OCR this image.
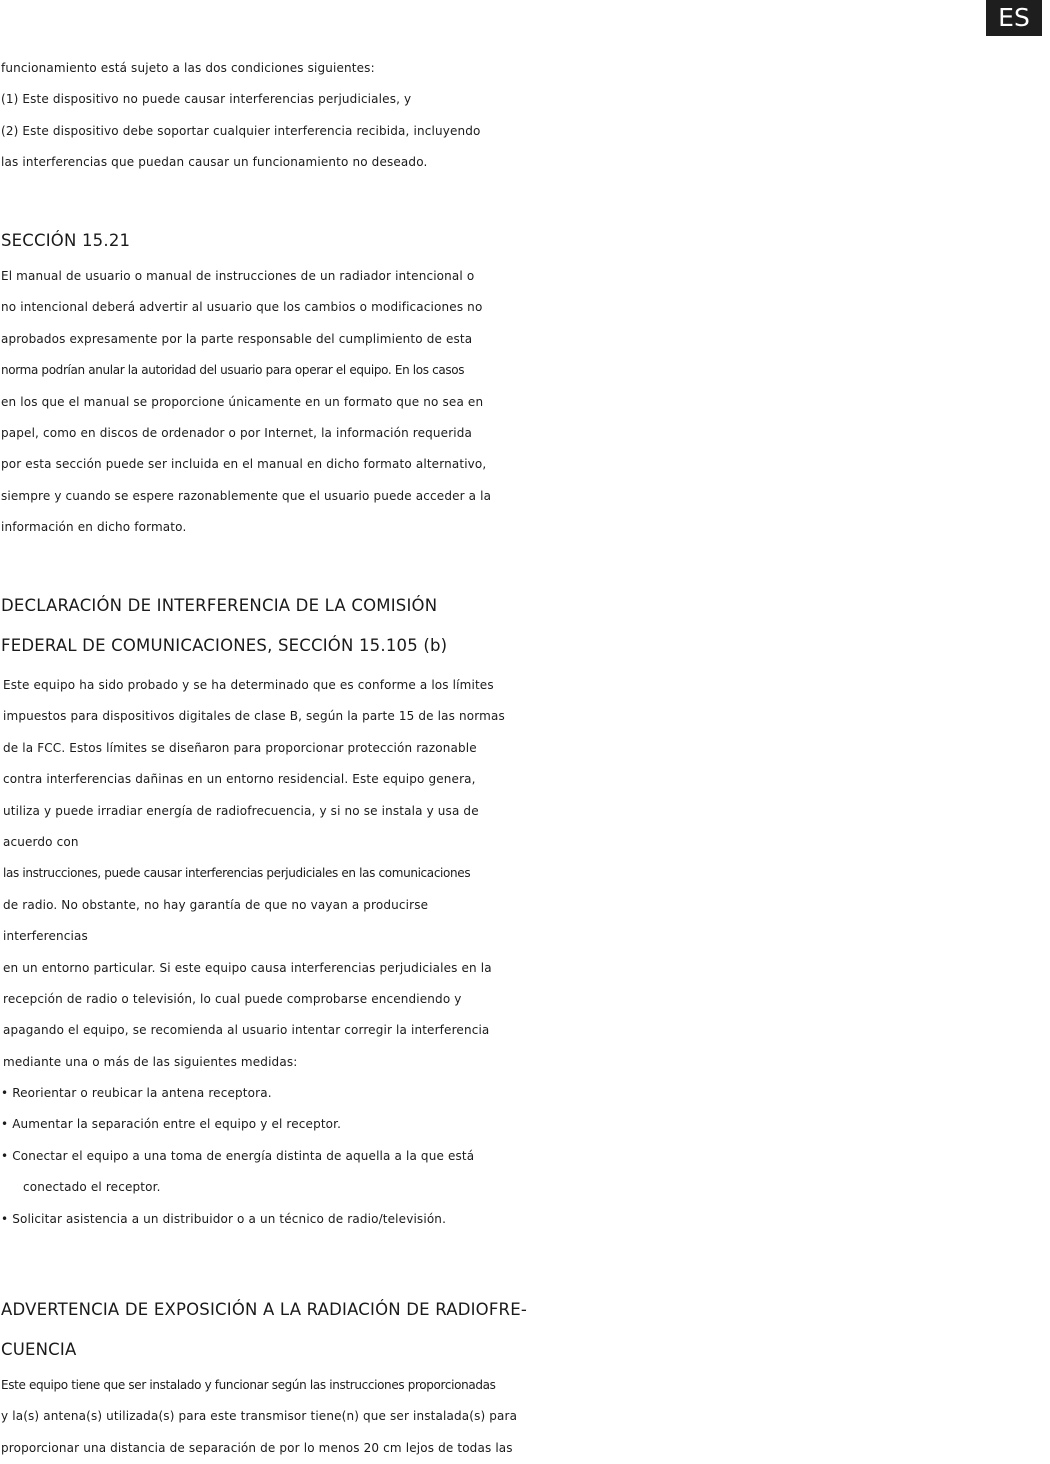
ES
funcionamiento está sujeto a las dos condiciones siguientes:
(1) Este dispositivo no puede causar interferencias perjudiciales, y
(2) Este dispositivo debe soportar cualquier interferencia recibida, incluyendo
las interferencias que puedan causar un funcionamiento no deseado.
SECCIÓN 15.21
El manual de usuario o manual de instrucciones de un radiador intencional o
no intencional deberá advertir al usuario que los cambios o modificaciones no
aprobados expresamente por la parte responsable del cumplimiento de esta
norma podrían anular la autoridad del usuario para operar el equipo. En los casos
en los que el manual se proporcione únicamente en un formato que no sea en
papel, como en discos de ordenador o por Internet, la información requerida
por esta sección puede ser incluida en el manual en dicho formato alternativo,
siempre y cuando se espere razonablemente que el usuario puede acceder a la
información en dicho formato.
DECLARACIÓN DE INTERFERENCIA DE LA COMISIÓN
FEDERAL DE COMUNICACIONES, SECCIÓN 15.105 (b)
Este equipo ha sido probado y se ha determinado que es conforme a los límites
impuestos para dispositivos digitales de clase B, según la parte 15 de las normas
de la FCC. Estos límites se diseñaron para proporcionar protección razonable
contra interferencias dañinas en un entorno residencial. Este equipo genera,
utiliza y puede irradiar energía de radiofrecuencia, y si no se instala y usa de
acuerdo con
las instrucciones, puede causar interferencias perjudiciales en las comunicaciones
de radio. No obstante, no hay garantía de que no vayan a producirse
interferencias
en un entorno particular. Si este equipo causa interferencias perjudiciales en la
recepción de radio o televisión, lo cual puede comprobarse encendiendo y
apagando el equipo, se recomienda al usuario intentar corregir la interferencia
mediante una o más de las siguientes medidas:
• Reorientar o reubicar la antena receptora.
• Aumentar la separación entre el equipo y el receptor.
• Conectar el equipo a una toma de energía distinta de aquella a la que está
conectado el receptor.
• Solicitar asistencia a un distribuidor o a un técnico de radio/televisión.
ADVERTENCIA DE EXPOSICIÓN A LA RADIACIÓN DE RADIOFRE-
CUENCIA
Este equipo tiene que ser instalado y funcionar según las instrucciones proporcionadas
y la(s) antena(s) utilizada(s) para este transmisor tiene(n) que ser instalada(s) para
proporcionar una distancia de separación de por lo menos 20 cm lejos de todas las
